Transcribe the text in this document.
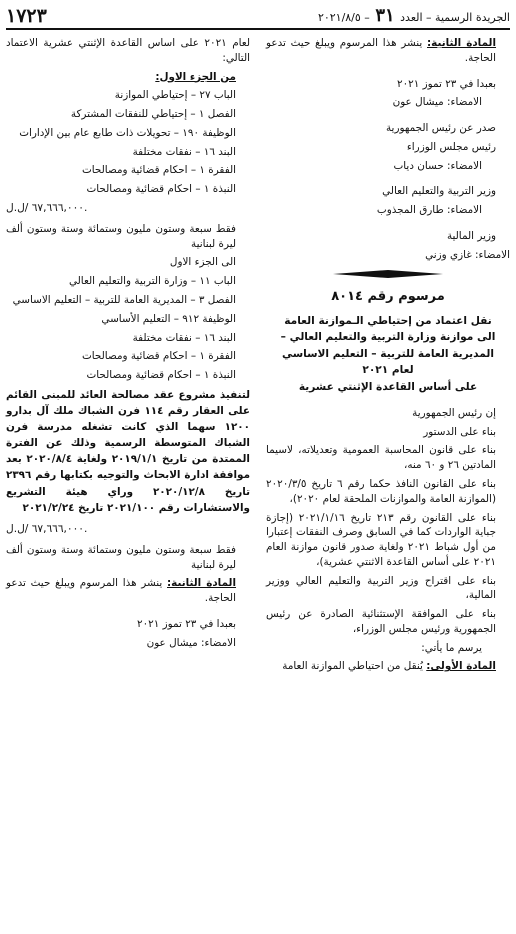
الجريدة الرسمية – العدد ٣١ – ٢٠٢١/٨/٥
١٧٢٣

المادة الثانية: ينشر هذا المرسوم ويبلغ حيث تدعو الحاجة.

بعبدا في ٢٣ تموز ٢٠٢١

الامضاء: ميشال عون

صدر عن رئيس الجمهورية

رئيس مجلس الوزراء

الامضاء: حسان دياب

وزير التربية والتعليم العالي

الامضاء: طارق المجذوب

وزير المالية

الامضاء: غازي وزني

مرسوم رقم ٨٠١٤
نقل اعتماد من إحتياطي الـموازنة العامة
الى موازنة وزارة التربية والتعليم العالي –
المديرية العامة للتربية – التعليم الاساسي
لعام ٢٠٢١
على أساس القاعدة الإثنتي عشرية

إن رئيس الجمهورية

بناء على الدستور

بناء على قانون المحاسبة العمومية وتعديلاته، لاسيما المادتين ٢٦ و ٦٠ منه،

بناء على القانون النافذ حكما رقم ٦ تاريخ ٢٠٢٠/٣/٥ (الموازنة العامة والموازنات الملحقة لعام ٢٠٢٠)،

بناء على القانون رقم ٢١٣ تاريخ ٢٠٢١/١/١٦ (إجازة جباية الواردات كما في السابق وصرف النفقات إعتبارا من أول شباط ٢٠٢١ ولغاية صدور قانون موازنة العام ٢٠٢١ على أساس القاعدة الاثنتي عشرية)،

بناء على اقتراح وزير التربية والتعليم العالي ووزير المالية،

بناء على الموافقة الإستثنائية الصادرة عن رئيس الجمهورية ورئيس مجلس الوزراء،

يرسم ما يأتي:

المادة الأولى: يُنقل من احتياطي الموازنة العامة

لعام ٢٠٢١ على اساس القاعدة الإثنتي عشرية الاعتماد التالي:

من الجزء الاول:

الباب ٢٧ – إحتياطي الموازنة

الفصل ١ – إحتياطي للنفقات المشتركة

الوظيفة ١٩٠ – تحويلات ذات طابع عام بين الإدارات

البند ١٦ – نفقات مختلفة

الفقرة ١ – احكام قضائية ومصالحات

النبذة ١ – احكام قضائية ومصالحات

٦٧,٦٦٦,٠٠٠ /ل.ل.

فقط سبعة وستون مليون وستمائة وستة وستون ألف ليرة لبنانية

الى الجزء الاول

الباب ١١ – وزارة التربية والتعليم العالي

الفصل ٣ – المديرية العامة للتربية – التعليم الاساسي

الوظيفة ٩١٢ – التعليم الأساسي

البند ١٦ – نفقات مختلفة

الفقرة ١ – احكام قضائية ومصالحات

النبذة ١ – احكام قضائية ومصالحات

لتنفيذ مشروع عقد مصالحة العائد للمبنى القائم على العقار رقم ١١٤ فرن الشباك ملك آل بدارو ١٢٠٠ سهما الذي كانت تشغله مدرسة فرن الشباك المتوسطة الرسمية وذلك عن الفترة الممتدة من تاريخ ٢٠١٩/١/١ ولغاية ٢٠٢٠/٨/٤ بعد موافقة ادارة الابحاث والتوجيه بكتابها رقم ٢٣٩٦ تاريخ ٢٠٢٠/١٢/٨ وراي هيئة التشريع والاستشارات رقم ٢٠٢١/١٠٠ تاريخ ٢٠٢١/٢/٢٤

٦٧,٦٦٦,٠٠٠ /ل.ل.

فقط سبعة وستون مليون وستمائة وستة وستون ألف ليرة لبنانية

المادة الثانية: ينشر هذا المرسوم ويبلغ حيث تدعو الحاجة.

بعبدا في ٢٣ تموز ٢٠٢١

الامضاء: ميشال عون
